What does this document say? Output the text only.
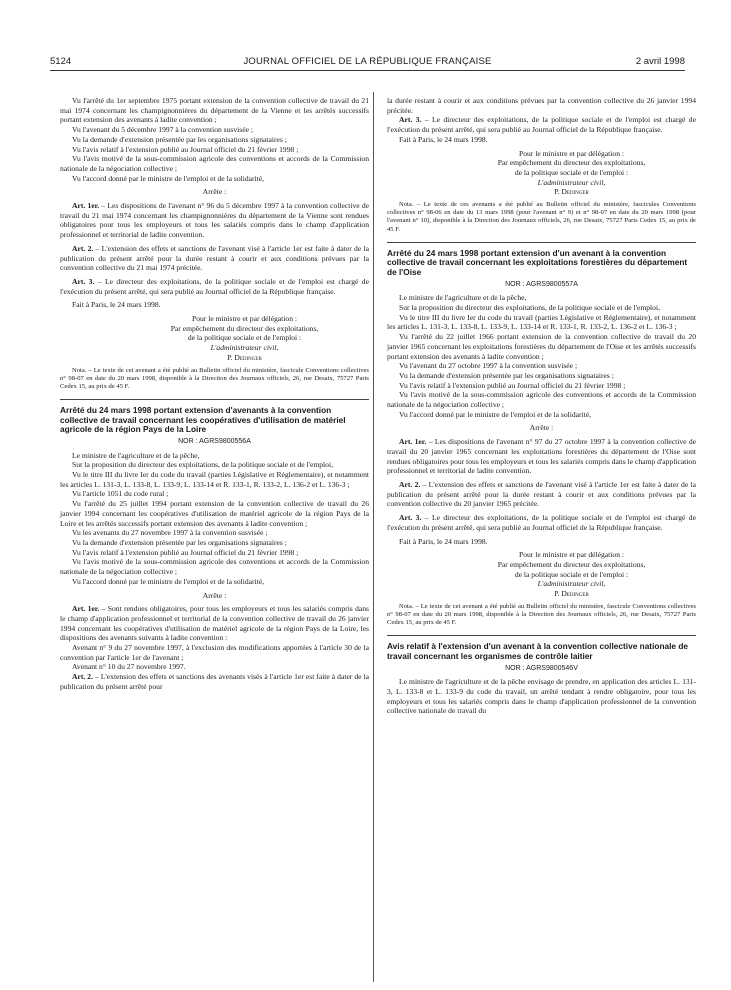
5124	JOURNAL OFFICIEL DE LA RÉPUBLIQUE FRANÇAISE	2 avril 1998

Vu l'arrêté du 1er septembre 1975 portant extension de la convention collective de travail du 21 mai 1974 concernant les champignonnières du département de la Vienne et les arrêtés successifs portant extension des avenants à ladite convention ;

Vu l'avenant du 5 décembre 1997 à la convention susvisée ;

Vu la demande d'extension présentée par les organisations signataires ;

Vu l'avis relatif à l'extension publié au Journal officiel du 21 février 1998 ;

Vu l'avis motivé de la sous-commission agricole des conventions et accords de la Commission nationale de la négociation collective ;

Vu l'accord donné par le ministre de l'emploi et de la solidarité,

Arrête :

Art. 1er. – Les dispositions de l'avenant n° 96 du 5 décembre 1997 à la convention collective de travail du 21 mai 1974 concernant les champignonnières du département de la Vienne sont rendues obligatoires pour tous les employeurs et tous les salariés compris dans le champ d'application professionnel et territorial de ladite convention.

Art. 2. – L'extension des effets et sanctions de l'avenant visé à l'article 1er est faite à dater de la publication du présent arrêté pour la durée restant à courir et aux conditions prévues par la convention collective du 21 mai 1974 précitée.

Art. 3. – Le directeur des exploitations, de la politique sociale et de l'emploi est chargé de l'exécution du présent arrêté, qui sera publié au Journal officiel de la République française.

Fait à Paris, le 24 mars 1998.

Pour le ministre et par délégation :
Par empêchement du directeur des exploitations,
de la politique sociale et de l'emploi :
L'administrateur civil,
P. Dedinger

Nota. – Le texte de cet avenant a été publié au Bulletin officiel du ministère, fascicule Conventions collectives n° 98-07 en date du 20 mars 1998, disponible à la Direction des Journaux officiels, 26, rue Desaix, 75727 Paris Cedex 15, au prix de 45 F.

Arrêté du 24 mars 1998 portant extension d'avenants à la convention collective de travail concernant les coopératives d'utilisation de matériel agricole de la région Pays de la Loire

NOR : AGRS9800556A

Le ministre de l'agriculture et de la pêche,

Sur la proposition du directeur des exploitations, de la politique sociale et de l'emploi,

Vu le titre III du livre Ier du code du travail (parties Législative et Réglementaire), et notamment les articles L. 131-3, L. 133-8, L. 133-9, L. 133-14 et R. 133-1, R. 133-2, L. 136-2 et L. 136-3 ;

Vu l'article 1051 du code rural ;

Vu l'arrêté du 25 juillet 1994 portant extension de la convention collective de travail du 26 janvier 1994 concernant les coopératives d'utilisation de matériel agricole de la région Pays de la Loire et les arrêtés successifs portant extension des avenants à ladite convention ;

Vu les avenants du 27 novembre 1997 à la convention susvisée ;

Vu la demande d'extension présentée par les organisations signataires ;

Vu l'avis relatif à l'extension publié au Journal officiel du 21 février 1998 ;

Vu l'avis motivé de la sous-commission agricole des conventions et accords de la Commission nationale de la négociation collective ;

Vu l'accord donné par le ministre de l'emploi et de la solidarité,

Arrête :

Art. 1er. – Sont rendues obligatoires, pour tous les employeurs et tous les salariés compris dans le champ d'application professionnel et territorial de la convention collective de travail du 26 janvier 1994 concernant les coopératives d'utilisation de matériel agricole de la région Pays de la Loire, les dispositions des avenants suivants à ladite convention :

Avenant n° 9 du 27 novembre 1997, à l'exclusion des modifications apportées à l'article 30 de la convention par l'article 1er de l'avenant ;

Avenant n° 10 du 27 novembre 1997.

Art. 2. – L'extension des effets et sanctions des avenants visés à l'article 1er est faite à dater de la publication du présent arrêté pour

la durée restant à courir et aux conditions prévues par la convention collective du 26 janvier 1994 précitée.

Art. 3. – Le directeur des exploitations, de la politique sociale et de l'emploi est chargé de l'exécution du présent arrêté, qui sera publié au Journal officiel de la République française.

Fait à Paris, le 24 mars 1998.

Pour le ministre et par délégation :
Par empêchement du directeur des exploitations,
de la politique sociale et de l'emploi :
L'administrateur civil,
P. Dedinger

Nota. – Le texte de ces avenants a été publié au Bulletin officiel du ministère, fascicules Conventions collectives n° 98-06 en date du 13 mars 1998 (pour l'avenant n° 9) et n° 98-07 en date du 20 mars 1998 (pour l'avenant n° 10), disponible à la Direction des Journaux officiels, 26, rue Desaix, 75727 Paris Cedex 15, au prix de 45 F.

Arrêté du 24 mars 1998 portant extension d'un avenant à la convention collective de travail concernant les exploitations forestières du département de l'Oise

NOR : AGRS9800557A

Le ministre de l'agriculture et de la pêche,

Sur la proposition du directeur des exploitations, de la politique sociale et de l'emploi,

Vu le titre III du livre Ier du code du travail (parties Législative et Réglementaire), et notamment les articles L. 131-3, L. 133-8, L. 133-9, L. 133-14 et R. 133-1, R. 133-2, L. 136-2 et L. 136-3 ;

Vu l'arrêté du 22 juillet 1966 portant extension de la convention collective de travail du 20 janvier 1965 concernant les exploitations forestières du département de l'Oise et les arrêtés successifs portant extension des avenants à ladite convention ;

Vu l'avenant du 27 octobre 1997 à la convention susvisée ;

Vu la demande d'extension présentée par les organisations signataires ;

Vu l'avis relatif à l'extension publié au Journal officiel du 21 février 1998 ;

Vu l'avis motivé de la sous-commission agricole des conventions et accords de la Commission nationale de la négociation collective ;

Vu l'accord donné par le ministre de l'emploi et de la solidarité,

Arrête :

Art. 1er. – Les dispositions de l'avenant n° 97 du 27 octobre 1997 à la convention collective de travail du 20 janvier 1965 concernant les exploitations forestières du département de l'Oise sont rendues obligatoires pour tous les employeurs et tous les salariés compris dans le champ d'application professionnel et territorial de ladite convention.

Art. 2. – L'extension des effets et sanctions de l'avenant visé à l'article 1er est faite à dater de la publication du présent arrêté pour la durée restant à courir et aux conditions prévues par la convention collective du 20 janvier 1965 précitée.

Art. 3. – Le directeur des exploitations, de la politique sociale et de l'emploi est chargé de l'exécution du présent arrêté, qui sera publié au Journal officiel de la République française.

Fait à Paris, le 24 mars 1998.

Pour le ministre et par délégation :
Par empêchement du directeur des exploitations,
de la politique sociale et de l'emploi :
L'administrateur civil,
P. Dedinger

Nota. – Le texte de cet avenant a été publié au Bulletin officiel du ministère, fascicule Conventions collectives n° 98-07 en date du 20 mars 1998, disponible à la Direction des Journaux officiels, 26, rue Desaix, 75727 Paris Cedex 15, au prix de 45 F.

Avis relatif à l'extension d'un avenant à la convention collective nationale de travail concernant les organismes de contrôle laitier

NOR : AGRS9800546V

Le ministre de l'agriculture et de la pêche envisage de prendre, en application des articles L. 131-3, L. 133-8 et L. 133-9 du code du travail, un arrêté tendant à rendre obligatoire, pour tous les employeurs et tous les salariés compris dans le champ d'application professionnel de la convention collective nationale de travail du
